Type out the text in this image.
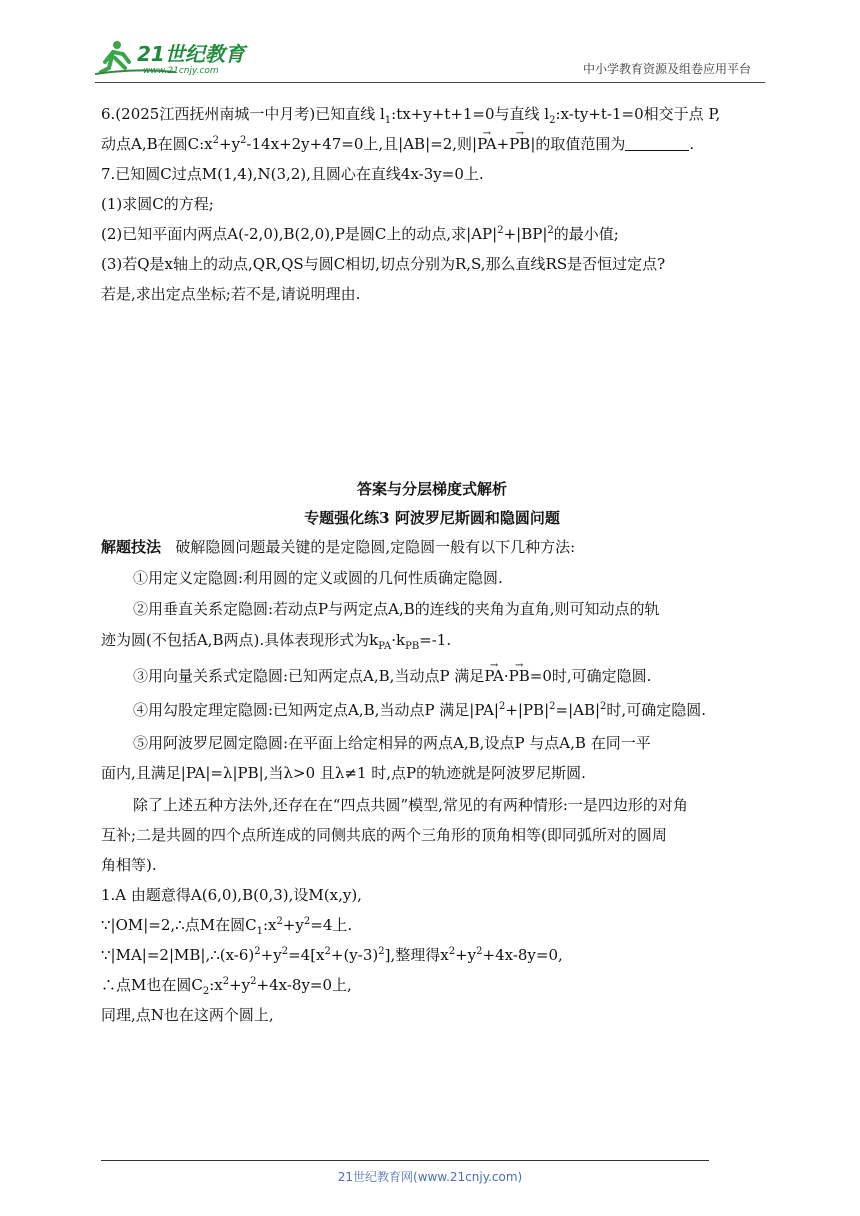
21世纪教育
www.21cnjy.com	中小学教育资源及组卷应用平台
6.(2025江西抚州南城一中月考)已知直线 $l_1:tx+y+t+1=0$与直线 $l_2:x-ty+t-1=0$相交于点 P,
动点A,B在圆$C:x^2+y^2-14x+2y+47=0$上,且|AB|=2,则|→ PA+→ PB|的取值范围为	.
7.已知圆C过点M(1,4),N(3,2),且圆心在直线4x-3y=0上.
(1)求圆C的方程;
(2)已知平面内两点A(-2,0),B(2,0),P是圆C上的动点,求$|AP|^2+|BP|^2$的最小值;
(3)若Q是x轴上的动点,QR,QS与圆C相切,切点分别为R,S,那么直线RS是否恒过定点?
若是,求出定点坐标;若不是,请说明理由.
答案与分层梯度式解析
专题强化练3 阿波罗尼斯圆和隐圆问题
解题技法 破解隐圆问题最关键的是定隐圆,定隐圆一般有以下几种方法:
①用定义定隐圆:利用圆的定义或圆的几何性质确定隐圆.
②用垂直关系定隐圆:若动点P与两定点A,B的连线的夹角为直角,则可知动点的轨
迹为圆(不包括A,B两点).具体表现形式为$k_{PA}\cdot k_{PB}=-1$.
③用向量关系式定隐圆:已知两定点A,B,当动点P 满足→ PA·→ PB=0时,可确定隐圆.
④用勾股定理定隐圆:已知两定点A,B,当动点P 满足$|PA|^2+|PB|^2=|AB|^2$时,可确定隐圆.
⑤用阿波罗尼圆定隐圆:在平面上给定相异的两点A,B,设点P 与点A,B 在同一平
面内,且满足|PA|=λ|PB|,当λ>0 且λ≠1 时,点P的轨迹就是阿波罗尼斯圆.
除了上述五种方法外,还存在在“四点共圆”模型,常见的有两种情形:一是四边形的对角
互补;二是共圆的四个点所连成的同侧共底的两个三角形的顶角相等(即同弧所对的圆周
角相等).
1.A 由题意得A(6,0),B(0,3),设M(x,y),
∵|OM|=2,∴点M在圆$C_1:x^2+y^2=4$上.
$\because|MA|=2|MB|,\therefore(x-6)^2+y^2=4[x^2+(y-3)^2]$,整理得$x^2+y^2+4x-8y=0$,
∴点M也在圆$C_2:x^2+y^2+4x-8y=0$上,
同理,点N也在这两个圆上,
21世纪教育网(www.21cnjy.com)
